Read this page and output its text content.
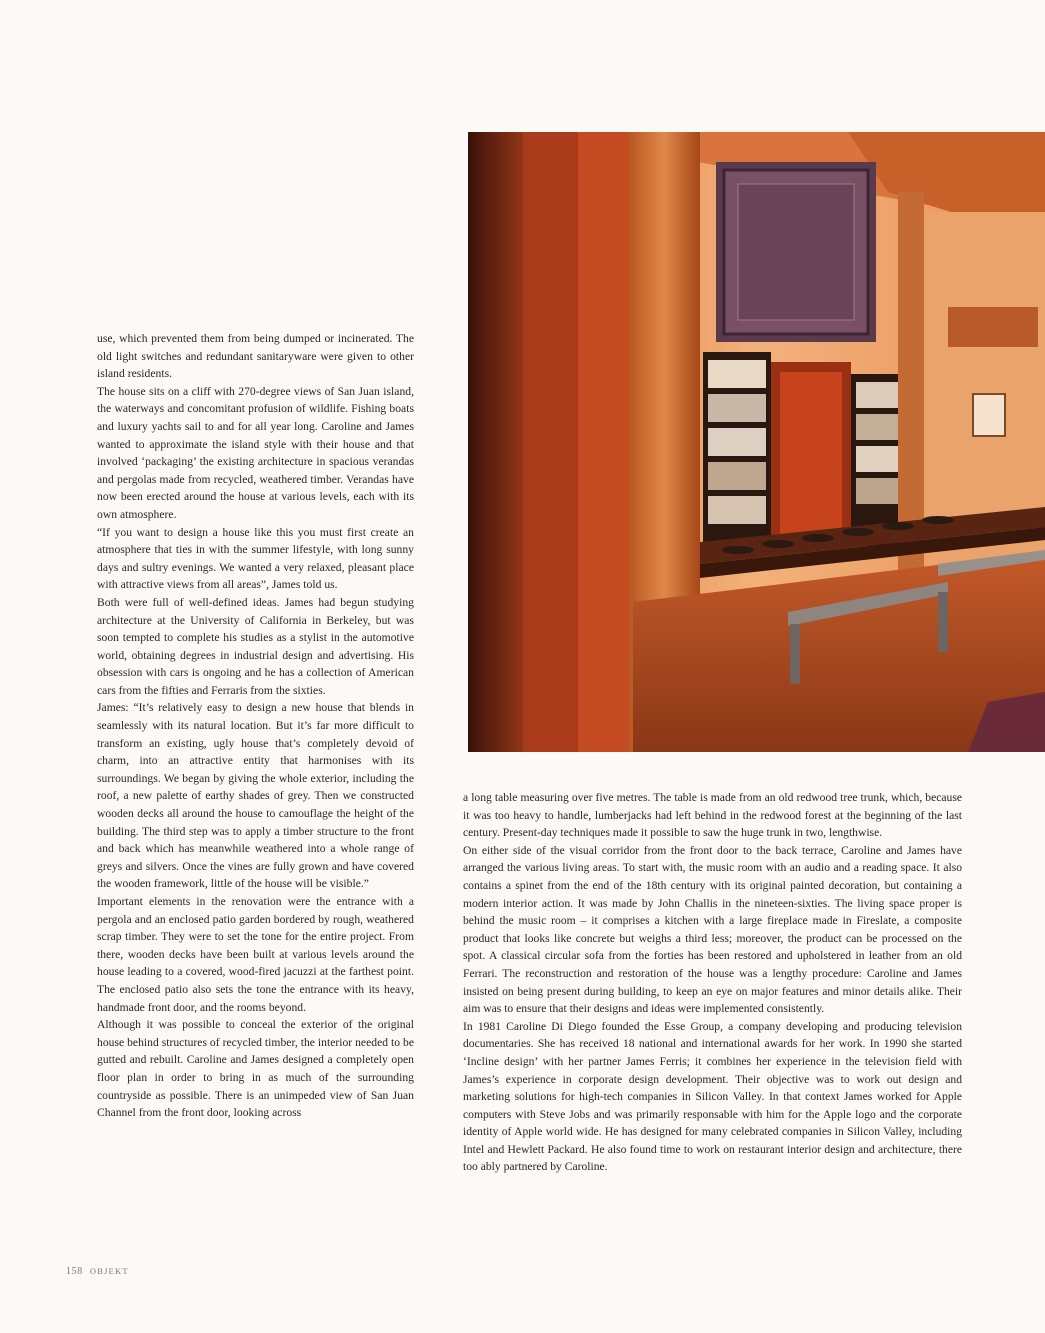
use, which prevented them from being dumped or incinerated. The old light switches and redundant sanitaryware were given to other island residents.

The house sits on a cliff with 270-degree views of San Juan island, the waterways and concomitant profusion of wildlife. Fishing boats and luxury yachts sail to and for all year long. Caroline and James wanted to approximate the island style with their house and that involved ‘packaging’ the existing architecture in spacious verandas and pergolas made from recycled, weathered timber. Verandas have now been erected around the house at various levels, each with its own atmosphere.

“If you want to design a house like this you must first create an atmosphere that ties in with the summer lifestyle, with long sunny days and sultry evenings. We wanted a very relaxed, pleasant place with attractive views from all areas”, James told us.

Both were full of well-defined ideas. James had begun studying architecture at the University of California in Berkeley, but was soon tempted to complete his studies as a stylist in the automotive world, obtaining degrees in industrial design and advertising. His obsession with cars is ongoing and he has a collection of American cars from the fifties and Ferraris from the sixties.

James: “It’s relatively easy to design a new house that blends in seamlessly with its natural location. But it’s far more difficult to transform an existing, ugly house that’s completely devoid of charm, into an attractive entity that harmonises with its surroundings. We began by giving the whole exterior, including the roof, a new palette of earthy shades of grey. Then we constructed wooden decks all around the house to camouflage the height of the building. The third step was to apply a timber structure to the front and back which has meanwhile weathered into a whole range of greys and silvers. Once the vines are fully grown and have covered the wooden framework, little of the house will be visible.”

Important elements in the renovation were the entrance with a pergola and an enclosed patio garden bordered by rough, weathered scrap timber. They were to set the tone for the entire project. From there, wooden decks have been built at various levels around the house leading to a covered, wood-fired jacuzzi at the farthest point. The enclosed patio also sets the tone the entrance with its heavy, handmade front door, and the rooms beyond.

Although it was possible to conceal the exterior of the original house behind structures of recycled timber, the interior needed to be gutted and rebuilt. Caroline and James designed a completely open floor plan in order to bring in as much of the surrounding countryside as possible. There is an unimpeded view of San Juan Channel from the front door, looking across

a long table measuring over five metres. The table is made from an old redwood tree trunk, which, because it was too heavy to handle, lumberjacks had left behind in the redwood forest at the beginning of the last century. Present-day techniques made it possible to saw the huge trunk in two, lengthwise.

On either side of the visual corridor from the front door to the back terrace, Caroline and James have arranged the various living areas. To start with, the music room with an audio and a reading space. It also contains a spinet from the end of the 18th century with its original painted decoration, but containing a modern interior action. It was made by John Challis in the nineteen-sixties. The living space proper is behind the music room – it comprises a kitchen with a large fireplace made in Fireslate, a composite product that looks like concrete but weighs a third less; moreover, the product can be processed on the spot. A classical circular sofa from the forties has been restored and upholstered in leather from an old Ferrari. The reconstruction and restoration of the house was a lengthy procedure: Caroline and James insisted on being present during building, to keep an eye on major features and minor details alike. Their aim was to ensure that their designs and ideas were implemented consistently.

In 1981 Caroline Di Diego founded the Esse Group, a company developing and producing television documentaries. She has received 18 national and international awards for her work. In 1990 she started ‘Incline design’ with her partner James Ferris; it combines her experience in the television field with James’s experience in corporate design development. Their objective was to work out design and marketing solutions for high-tech companies in Silicon Valley. In that context James worked for Apple computers with Steve Jobs and was primarily responsable with him for the Apple logo and the corporate identity of Apple world wide. He has designed for many celebrated companies in Silicon Valley, including Intel and Hewlett Packard. He also found time to work on restaurant interior design and architecture, there too ably partnered by Caroline.

158 OBJEKT
